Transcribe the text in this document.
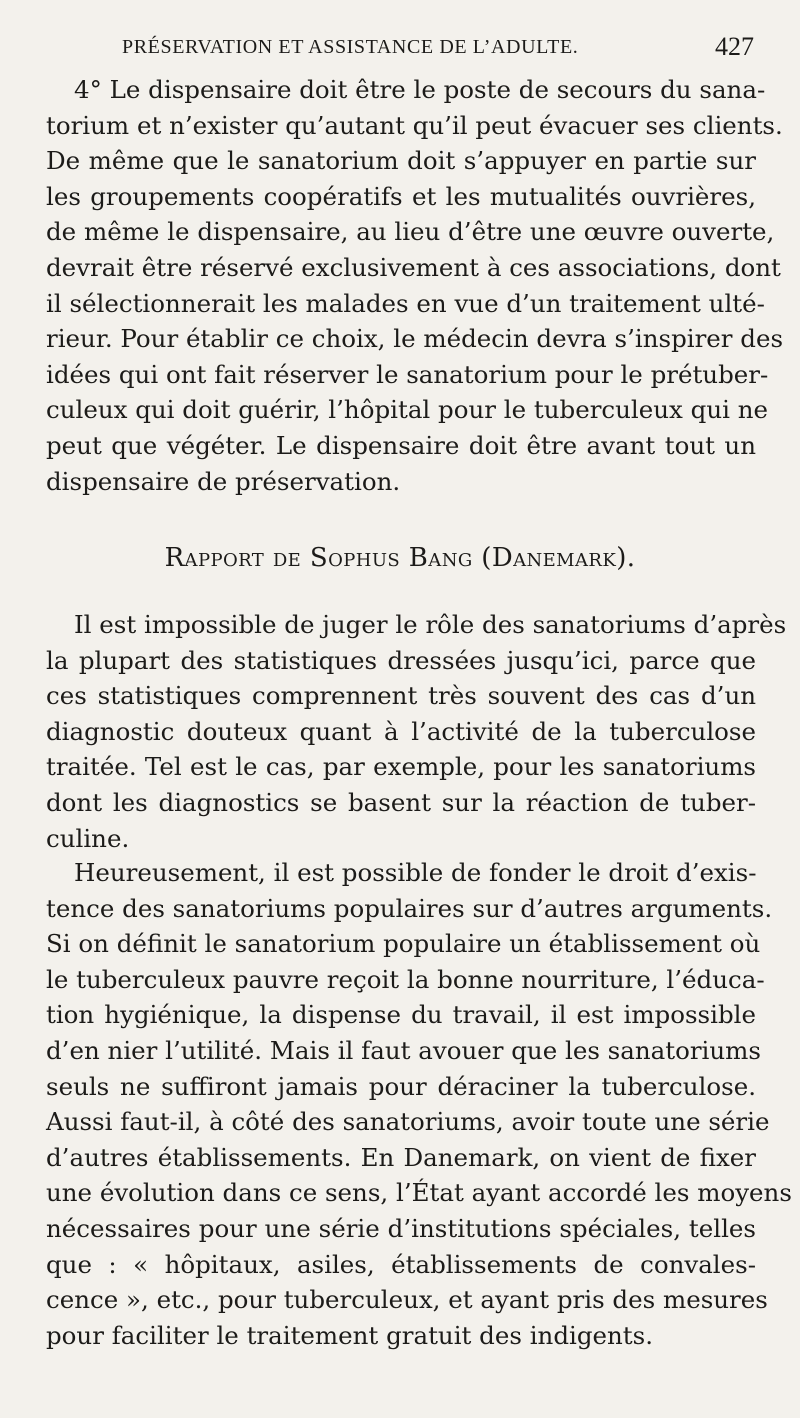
PRÉSERVATION ET ASSISTANCE DE L’ADULTE.	427
4° Le dispensaire doit être le poste de secours du sana-
torium et n’exister qu’autant qu’il peut évacuer ses clients.
De même que le sanatorium doit s’appuyer en partie sur
les groupements coopératifs et les mutualités ouvrières,
de même le dispensaire, au lieu d’être une œuvre ouverte,
devrait être réservé exclusivement à ces associations, dont
il sélectionnerait les malades en vue d’un traitement ulté-
rieur. Pour établir ce choix, le médecin devra s’inspirer des
idées qui ont fait réserver le sanatorium pour le prétuber-
culeux qui doit guérir, l’hôpital pour le tuberculeux qui ne
peut que végéter. Le dispensaire doit être avant tout un
dispensaire de préservation.
Rapport de Sophus Bang (Danemark).
Il est impossible de juger le rôle des sanatoriums d’après
la plupart des statistiques dressées jusqu’ici, parce que
ces statistiques comprennent très souvent des cas d’un
diagnostic douteux quant à l’activité de la tuberculose
traitée. Tel est le cas, par exemple, pour les sanatoriums
dont les diagnostics se basent sur la réaction de tuber-
culine.
Heureusement, il est possible de fonder le droit d’exis-
tence des sanatoriums populaires sur d’autres arguments.
Si on définit le sanatorium populaire un établissement où
le tuberculeux pauvre reçoit la bonne nourriture, l’éduca-
tion hygiénique, la dispense du travail, il est impossible
d’en nier l’utilité. Mais il faut avouer que les sanatoriums
seuls ne suffiront jamais pour déraciner la tuberculose.
Aussi faut-il, à côté des sanatoriums, avoir toute une série
d’autres établissements. En Danemark, on vient de fixer
une évolution dans ce sens, l’État ayant accordé les moyens
nécessaires pour une série d’institutions spéciales, telles
que : « hôpitaux, asiles, établissements de convales-
cence », etc., pour tuberculeux, et ayant pris des mesures
pour faciliter le traitement gratuit des indigents.
